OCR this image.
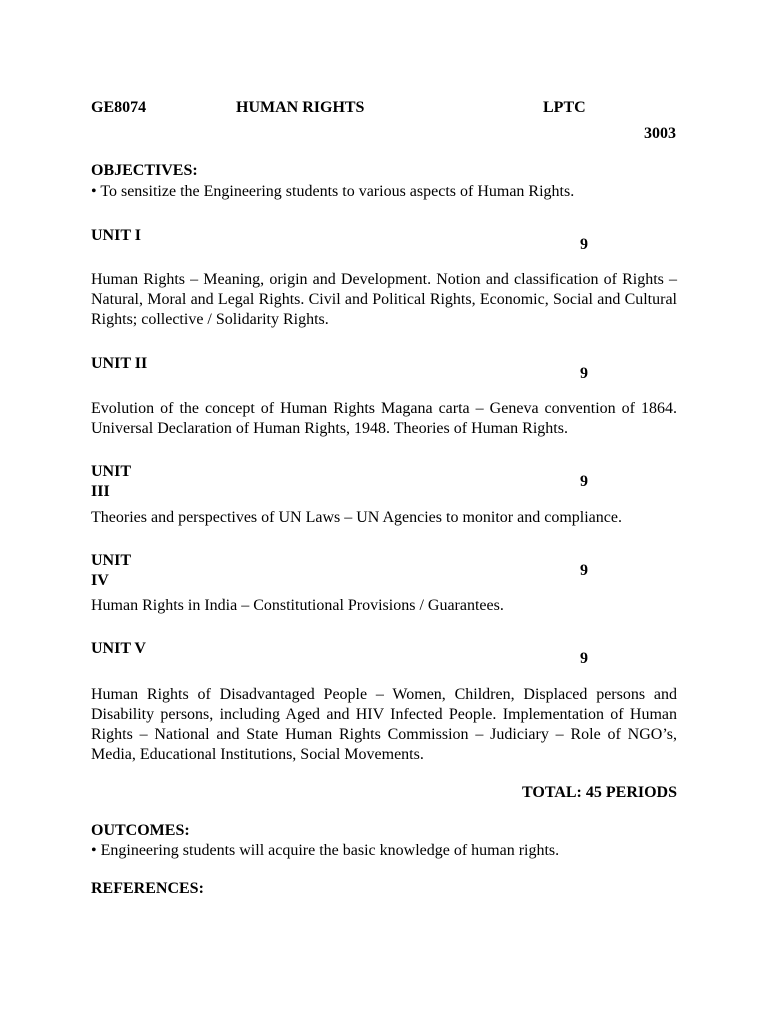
GE8074	HUMAN RIGHTS	LPTC
3003
OBJECTIVES:
• To sensitize the Engineering students to various aspects of Human Rights.
UNIT I
9
Human Rights – Meaning, origin and Development. Notion and classification of Rights – Natural, Moral and Legal Rights. Civil and Political Rights, Economic, Social and Cultural Rights; collective / Solidarity Rights.
UNIT II
9
Evolution of the concept of Human Rights Magana carta – Geneva convention of 1864. Universal Declaration of Human Rights, 1948. Theories of Human Rights.
UNIT III
9
Theories and perspectives of UN Laws – UN Agencies to monitor and compliance.
UNIT IV
9
Human Rights in India – Constitutional Provisions / Guarantees.
UNIT V
9
Human Rights of Disadvantaged People – Women, Children, Displaced persons and Disability persons, including Aged and HIV Infected People. Implementation of Human Rights – National and State Human Rights Commission – Judiciary – Role of NGO’s, Media, Educational Institutions, Social Movements.
TOTAL: 45 PERIODS
OUTCOMES:
• Engineering students will acquire the basic knowledge of human rights.
REFERENCES:
